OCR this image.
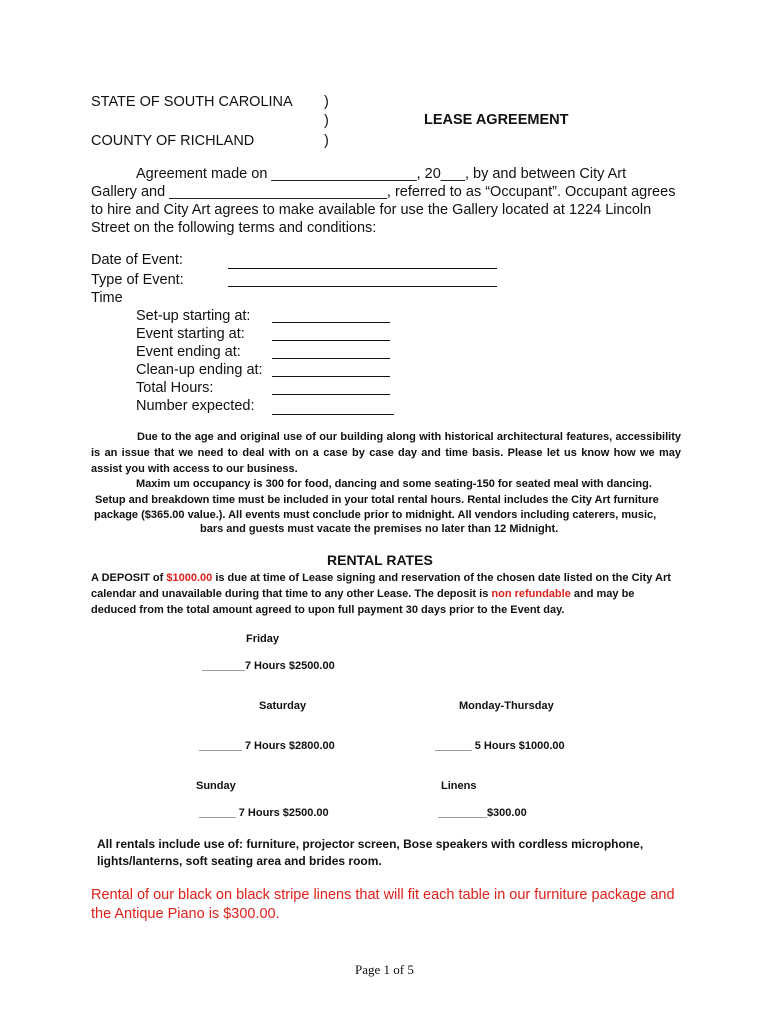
STATE OF SOUTH CAROLINA )
)	LEASE AGREEMENT
COUNTY OF RICHLAND	)
Agreement made on __________________, 20___, by and between City Art
Gallery and ___________________________, referred to as “Occupant”. Occupant agrees
to hire and City Art agrees to make available for use the Gallery located at 1224 Lincoln
Street on the following terms and conditions:
Date of Event:
Type of Event:
Time
Set-up starting at:
Event starting at:
Event ending at:
Clean-up ending at:
Total Hours:
Number expected:
Due to the age and original use of our building along with historical architectural features, accessibility is an issue that we need to deal with on a case by case day and time basis. Please let us know how we may assist you with access to our business.
Maxim um occupancy is 300 for food, dancing and some seating-150 for seated meal with dancing.
Setup and breakdown time must be included in your total rental hours. Rental includes the City Art furniture
package ($365.00 value.). All events must conclude prior to midnight. All vendors including caterers, music,
bars and guests must vacate the premises no later than 12 Midnight.
RENTAL RATES
A DEPOSIT of $1000.00 is due at time of Lease signing and reservation of the chosen date listed on the City Art calendar and unavailable during that time to any other Lease. The deposit is non refundable and may be deduced from the total amount agreed to upon full payment 30 days prior to the Event day.
Friday
_______7 Hours $2500.00
Saturday	Monday-Thursday
_______ 7 Hours $2800.00	______ 5 Hours $1000.00
Sunday	Linens
______ 7 Hours $2500.00	________$300.00
All rentals include use of: furniture, projector screen, Bose speakers with cordless microphone, lights/lanterns, soft seating area and brides room.
Rental of our black on black stripe linens that will fit each table in our furniture package and the Antique Piano is $300.00.
Page 1 of 5
